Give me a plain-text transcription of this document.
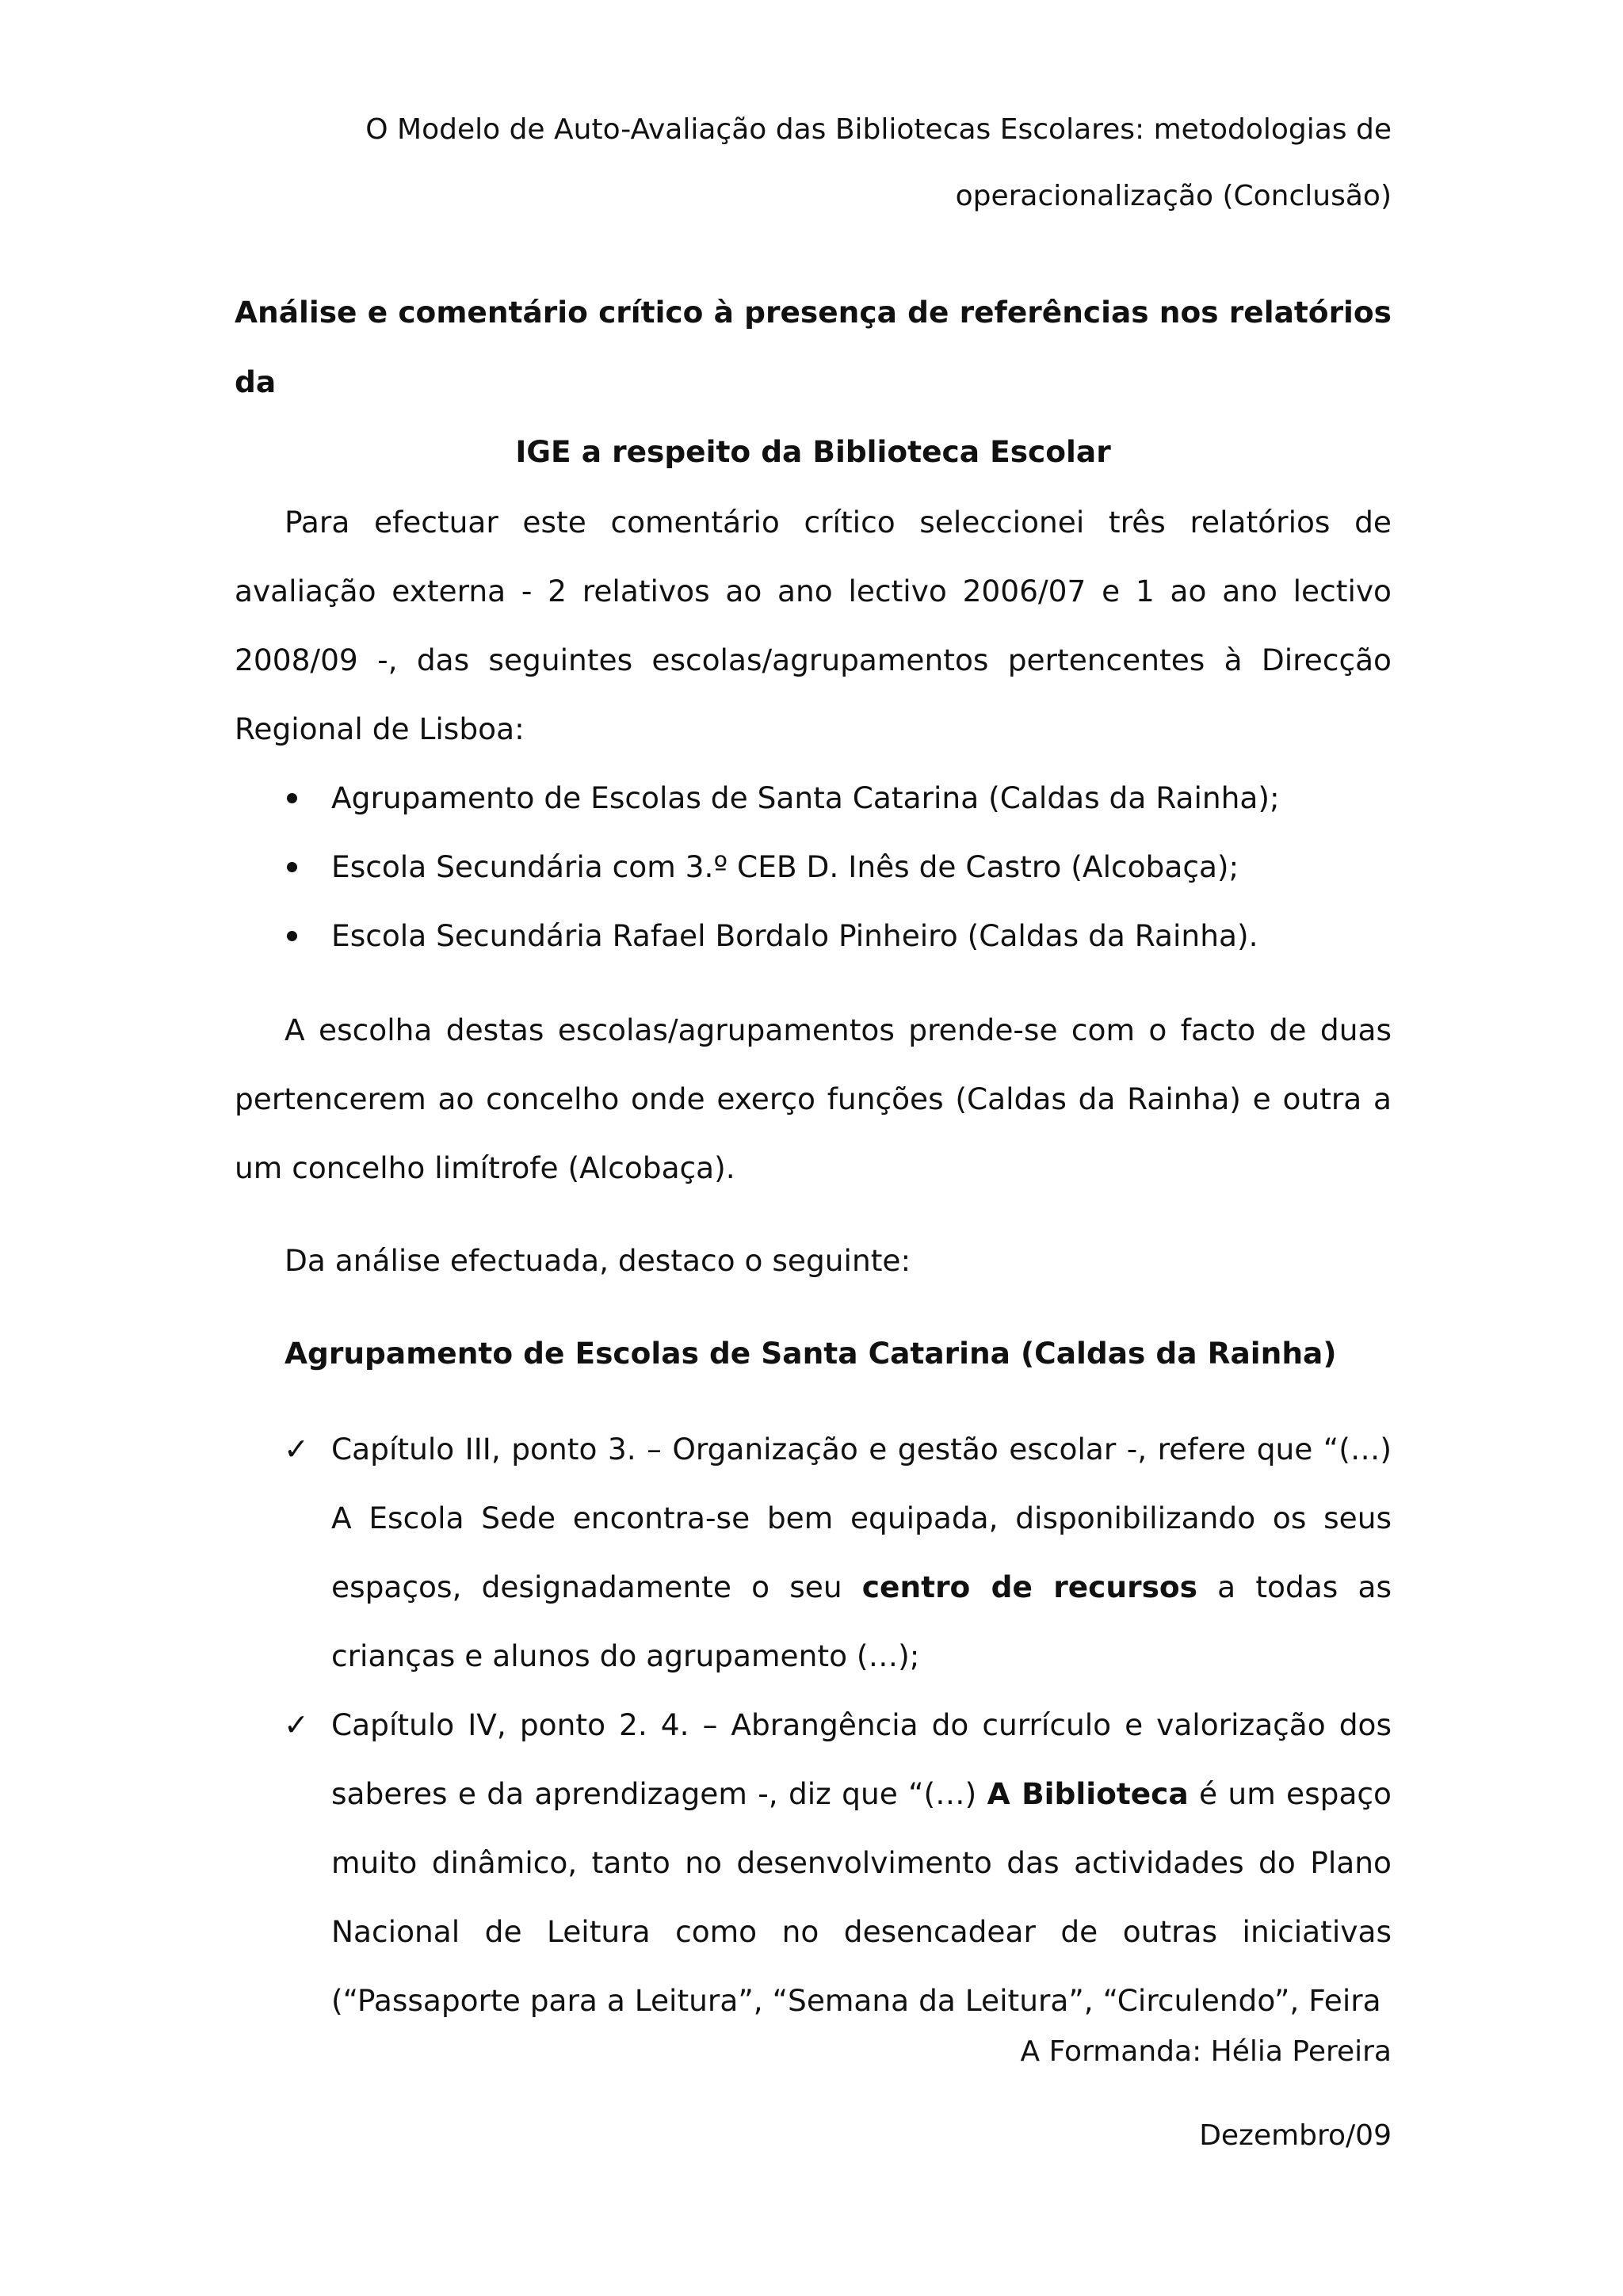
O Modelo de Auto-Avaliação das Bibliotecas Escolares: metodologias de
operacionalização (Conclusão)
Análise e comentário crítico à presença de referências nos relatórios da
IGE a respeito da Biblioteca Escolar

Para efectuar este comentário crítico seleccionei três relatórios de avaliação externa - 2 relativos ao ano lectivo 2006/07 e 1 ao ano lectivo 2008/09 -, das seguintes escolas/agrupamentos pertencentes à Direcção Regional de Lisboa:

Agrupamento de Escolas de Santa Catarina (Caldas da Rainha);
Escola Secundária com 3.º CEB D. Inês de Castro (Alcobaça);
Escola Secundária Rafael Bordalo Pinheiro (Caldas da Rainha).

A escolha destas escolas/agrupamentos prende-se com o facto de duas pertencerem ao concelho onde exerço funções (Caldas da Rainha) e outra a um concelho limítrofe (Alcobaça).

Da análise efectuada, destaco o seguinte:

Agrupamento de Escolas de Santa Catarina (Caldas da Rainha)
✓ Capítulo III, ponto 3. – Organização e gestão escolar -, refere que “(…) A Escola Sede encontra-se bem equipada, disponibilizando os seus espaços, designadamente o seu centro de recursos a todas as crianças e alunos do agrupamento (…);
✓ Capítulo IV, ponto 2. 4. – Abrangência do currículo e valorização dos saberes e da aprendizagem -, diz que “(…) A Biblioteca é um espaço muito dinâmico, tanto no desenvolvimento das actividades do Plano Nacional de Leitura como no desencadear de outras iniciativas (“Passaporte para a Leitura”, “Semana da Leitura”, “Circulendo”, Feira
A Formanda: Hélia Pereira
Dezembro/09
